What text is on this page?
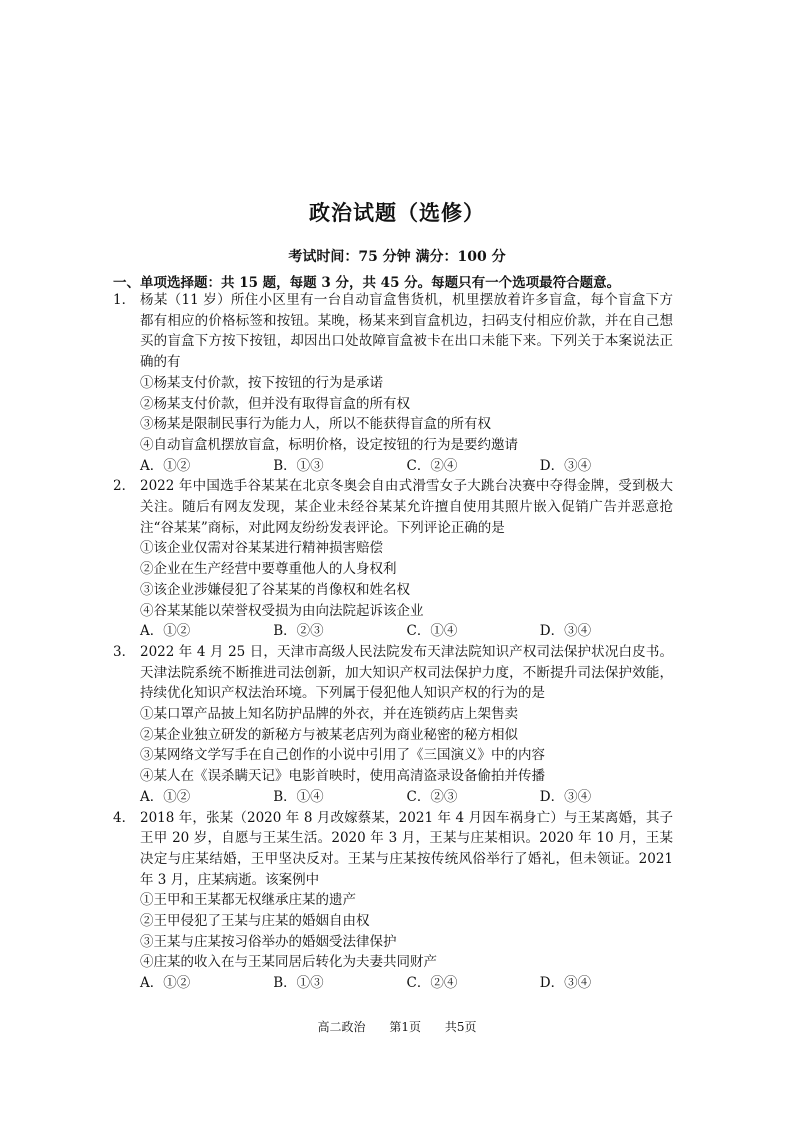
政治试题（选修）
考试时间：75 分钟 满分：100 分
一、单项选择题：共 15 题，每题 3 分，共 45 分。每题只有一个选项最符合题意。
1． 杨某（11 岁）所住小区里有一台自动盲盒售货机，机里摆放着许多盲盒，每个盲盒下方都有相应的价格标签和按钮。某晚，杨某来到盲盒机边，扫码支付相应价款，并在自己想买的盲盒下方按下按钮，却因出口处故障盲盒被卡在出口未能下来。下列关于本案说法正确的有
①杨某支付价款，按下按钮的行为是承诺
②杨某支付价款，但并没有取得盲盒的所有权
③杨某是限制民事行为能力人，所以不能获得盲盒的所有权
④自动盲盒机摆放盲盒，标明价格，设定按钮的行为是要约邀请
A．①②	B．①③	C．②④	D．③④
2． 2022 年中国选手谷某某在北京冬奥会自由式滑雪女子大跳台决赛中夺得金牌，受到极大关注。随后有网友发现，某企业未经谷某某允许擅自使用其照片嵌入促销广告并恶意抢注“谷某某”商标，对此网友纷纷发表评论。下列评论正确的是
①该企业仅需对谷某某进行精神损害赔偿
②企业在生产经营中要尊重他人的人身权利
③该企业涉嫌侵犯了谷某某的肖像权和姓名权
④谷某某能以荣誉权受损为由向法院起诉该企业
A．①②	B．②③	C．①④	D．③④
3． 2022 年 4 月 25 日，天津市高级人民法院发布天津法院知识产权司法保护状况白皮书。天津法院系统不断推进司法创新，加大知识产权司法保护力度，不断提升司法保护效能，持续优化知识产权法治环境。下列属于侵犯他人知识产权的行为的是
①某口罩产品披上知名防护品牌的外衣，并在连锁药店上架售卖
②某企业独立研发的新秘方与被某老店列为商业秘密的秘方相似
③某网络文学写手在自己创作的小说中引用了《三国演义》中的内容
④某人在《误杀瞒天记》电影首映时，使用高清盗录设备偷拍并传播
A．①②	B．①④	C．②③	D．③④
4． 2018 年，张某（2020 年 8 月改嫁蔡某，2021 年 4 月因车祸身亡）与王某离婚，其子王甲 20 岁，自愿与王某生活。2020 年 3 月，王某与庄某相识。2020 年 10 月，王某决定与庄某结婚，王甲坚决反对。王某与庄某按传统风俗举行了婚礼，但未领证。2021 年 3 月，庄某病逝。该案例中
①王甲和王某都无权继承庄某的遗产
②王甲侵犯了王某与庄某的婚姻自由权
③王某与庄某按习俗举办的婚姻受法律保护
④庄某的收入在与王某同居后转化为夫妻共同财产
A．①②	B．①③	C．②④	D．③④
高二政治 第1页 共5页
